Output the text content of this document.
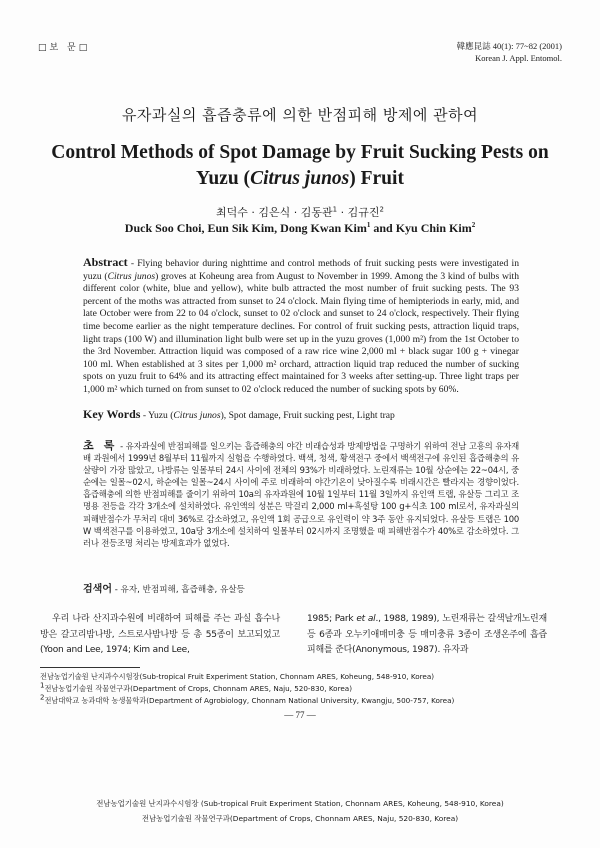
□보 문□	韓應昆誌 40(1): 77~82 (2001)
Korean J. Appl. Entomol.
유자과실의 흡즙충류에 의한 반점피해 방제에 관하여
Control Methods of Spot Damage by Fruit Sucking Pests on
Yuzu (Citrus junos) Fruit
최덕수 · 김은식 · 김동관$^1$ · 김규진$^2$
Duck Soo Choi, Eun Sik Kim, Dong Kwan Kim$^1$ and Kyu Chin Kim$^2$
Abstract - Flying behavior during nighttime and control methods of fruit sucking pests were investigated in yuzu (Citrus junos) groves at Koheung area from August to November in 1999. Among the 3 kind of bulbs with different color (white, blue and yellow), white bulb attracted the most number of fruit sucking pests. The 93 percent of the moths was attracted from sunset to 24 o'clock. Main flying time of hemipteriods in early, mid, and late October were from 22 to 04 o'clock, sunset to 02 o'clock and sunset to 24 o'clock, respectively. Their flying time become earlier as the night temperature declines. For control of fruit sucking pests, attraction liquid traps, light traps (100 W) and illumination light bulb were set up in the yuzu groves (1,000 m²) from the 1st October to the 3rd November. Attraction liquid was composed of a raw rice wine 2,000 ml + black sugar 100 g + vinegar 100 ml. When established at 3 sites per 1,000 m² orchard, attraction liquid trap reduced the number of sucking spots on yuzu fruit to 64% and its attracting effect maintained for 3 weeks after setting-up. Three light traps per 1,000 m² which turned on from sunset to 02 o'clock reduced the number of sucking spots by 60%.
Key Words - Yuzu (Citrus junos), Spot damage, Fruit sucking pest, Light trap
초 록 - 유자과실에 반점피해를 일으키는 흡즙해충의 야간 비래습성과 방제방법을 구명하기 위하여 전남 고흥의 유자재배 과원에서 1999년 8월부터 11월까지 실험을 수행하였다. 백색, 청색, 황색전구 중에서 백색전구에 유인된 흡즙해충의 유살량이 가장 많았고, 나방류는 일몰부터 24시 사이에 전체의 93%가 비래하였다. 노린재류는 10월 상순에는 22~04시, 중순에는 일몰~02시, 하순에는 일몰~24시 사이에 주로 비래하여 야간기온이 낮아질수록 비래시간은 빨라지는 경향이었다. 흡즙해충에 의한 반점피해를 줄이기 위하여 10a의 유자과원에 10월 1일부터 11월 3일까지 유인액 트랩, 유살등 그리고 조명용 전등을 각각 3개소에 설치하였다. 유인액의 성분은 막걸리 2,000 ml+흑설탕 100 g+식초 100 ml로서, 유자과실의 피해반점수가 무처리 대비 36%로 감소하였고, 유인액 1회 공급으로 유인력이 약 3주 동안 유지되었다. 유살등 트랩은 100 W 백색전구를 이용하였고, 10a당 3개소에 설치하여 일몰부터 02시까지 조명했을 때 피해반점수가 40%로 감소하였다. 그러나 전등조명 처리는 방제효과가 없었다.
검색어 - 유자, 반점피해, 흡즙해충, 유살등
우리 나라 산지과수원에 비래하여 피해를 주는 과실 흡수나방은 갈고리밤나방, 스트로사밤나방 등 총 55종이 보고되었고(Yoon and Lee, 1974; Kim and Lee,
1985; Park et al., 1988, 1989), 노린재류는 갈색날개노린재 등 6종과 오누키애매미충 등 매미충류 3종이 조생온주에 흡즙피해를 준다(Anonymous, 1987). 유자과
전남농업기술원 난지과수시험장(Sub-tropical Fruit Experiment Station, Chonnam ARES, Koheung, 548-910, Korea)
$^1$전남농업기술원 작물연구과(Department of Crops, Chonnam ARES, Naju, 520-830, Korea)
$^2$전남대학교 농과대학 농생물학과(Department of Agrobiology, Chonnam National University, Kwangju, 500-757, Korea)
— 77 —
전남농업기술원 난지과수시험장 (Sub-tropical Fruit Experiment Station, Chonnam ARES, Koheung, 548-910, Korea)
전남농업기술원 작물연구과(Department of Crops, Chonnam ARES, Naju, 520-830, Korea)
